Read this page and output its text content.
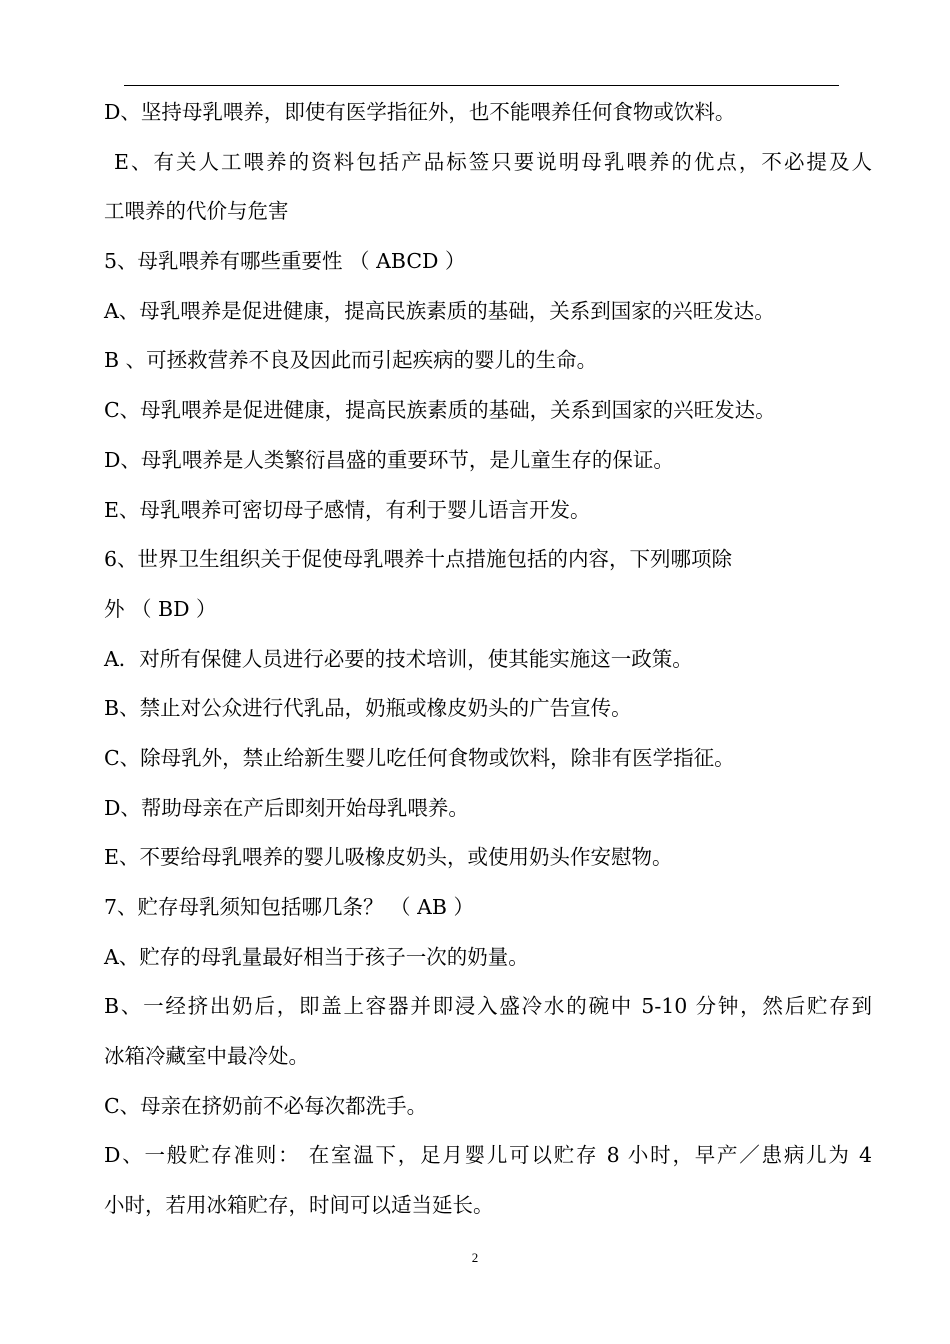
D、坚持母乳喂养，即使有医学指征外，也不能喂养任何食物或饮料。
E、有关人工喂养的资料包括产品标签只要说明母乳喂养的优点，不必提及人
工喂养的代价与危害
5、母乳喂养有哪些重要性 （ ABCD ）
A、母乳喂养是促进健康，提高民族素质的基础，关系到国家的兴旺发达。
B 、可拯救营养不良及因此而引起疾病的婴儿的生命。
C、母乳喂养是促进健康，提高民族素质的基础，关系到国家的兴旺发达。
D、母乳喂养是人类繁衍昌盛的重要环节，是儿童生存的保证。
E、母乳喂养可密切母子感情，有利于婴儿语言开发。
6、世界卫生组织关于促使母乳喂养十点措施包括的内容，下列哪项除
外 （ BD ）
A．对所有保健人员进行必要的技术培训，使其能实施这一政策。
B、禁止对公众进行代乳品，奶瓶或橡皮奶头的广告宣传。
C、除母乳外，禁止给新生婴儿吃任何食物或饮料，除非有医学指征。
D、帮助母亲在产后即刻开始母乳喂养。
E、不要给母乳喂养的婴儿吸橡皮奶头，或使用奶头作安慰物。
7、贮存母乳须知包括哪几条？ （ AB ）
A、贮存的母乳量最好相当于孩子一次的奶量。
B、一经挤出奶后，即盖上容器并即浸入盛冷水的碗中 5-10 分钟，然后贮存到
冰箱冷藏室中最冷处。
C、母亲在挤奶前不必每次都洗手。
D、一般贮存准则： 在室温下，足月婴儿可以贮存 8 小时，早产／患病儿为 4
小时，若用冰箱贮存，时间可以适当延长。
2
